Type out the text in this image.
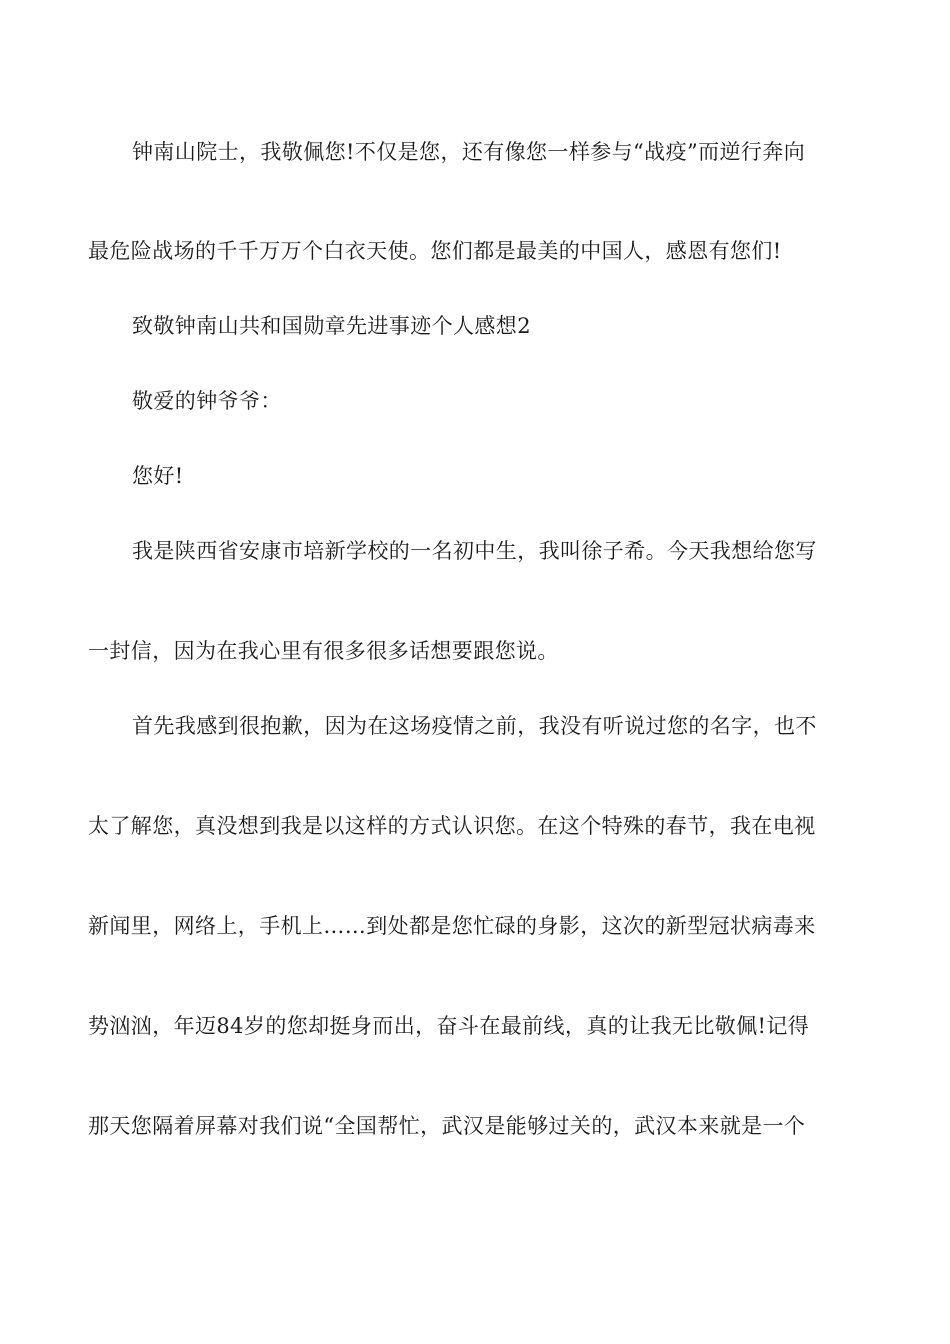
钟南山院士，我敬佩您!不仅是您，还有像您一样参与“战疫”而逆行奔向
最危险战场的千千万万个白衣天使。您们都是最美的中国人，感恩有您们!
致敬钟南山共和国勋章先进事迹个人感想2
敬爱的钟爷爷：
您好!
我是陕西省安康市培新学校的一名初中生，我叫徐子希。今天我想给您写
一封信，因为在我心里有很多很多话想要跟您说。
首先我感到很抱歉，因为在这场疫情之前，我没有听说过您的名字，也不
太了解您，真没想到我是以这样的方式认识您。在这个特殊的春节，我在电视
新闻里，网络上，手机上……到处都是您忙碌的身影，这次的新型冠状病毒来
势汹汹，年迈84岁的您却挺身而出，奋斗在最前线，真的让我无比敬佩!记得
那天您隔着屏幕对我们说“全国帮忙，武汉是能够过关的，武汉本来就是一个
